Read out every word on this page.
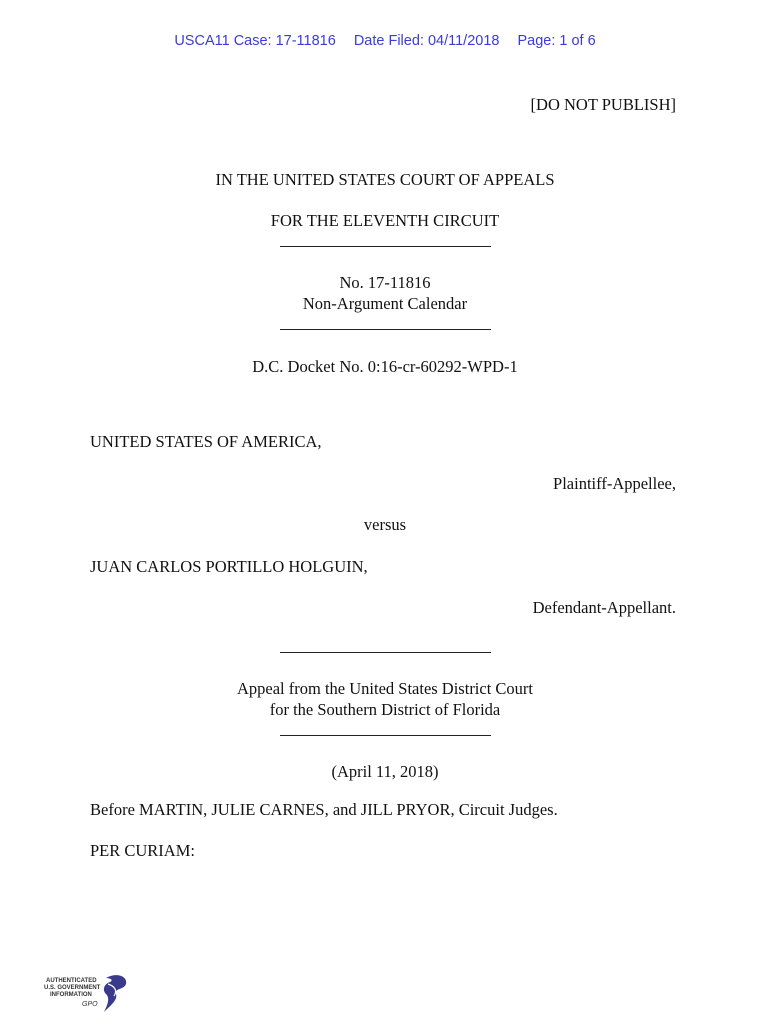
USCA11 Case: 17-11816 Date Filed: 04/11/2018 Page: 1 of 6
[DO NOT PUBLISH]
IN THE UNITED STATES COURT OF APPEALS
FOR THE ELEVENTH CIRCUIT
No. 17-11816
Non-Argument Calendar
D.C. Docket No. 0:16-cr-60292-WPD-1
UNITED STATES OF AMERICA,
Plaintiff-Appellee,
versus
JUAN CARLOS PORTILLO HOLGUIN,
Defendant-Appellant.
Appeal from the United States District Court
for the Southern District of Florida
(April 11, 2018)
Before MARTIN, JULIE CARNES, and JILL PRYOR, Circuit Judges.
PER CURIAM:
AUTHENTICATED
U.S. GOVERNMENT
INFORMATION
GPO
